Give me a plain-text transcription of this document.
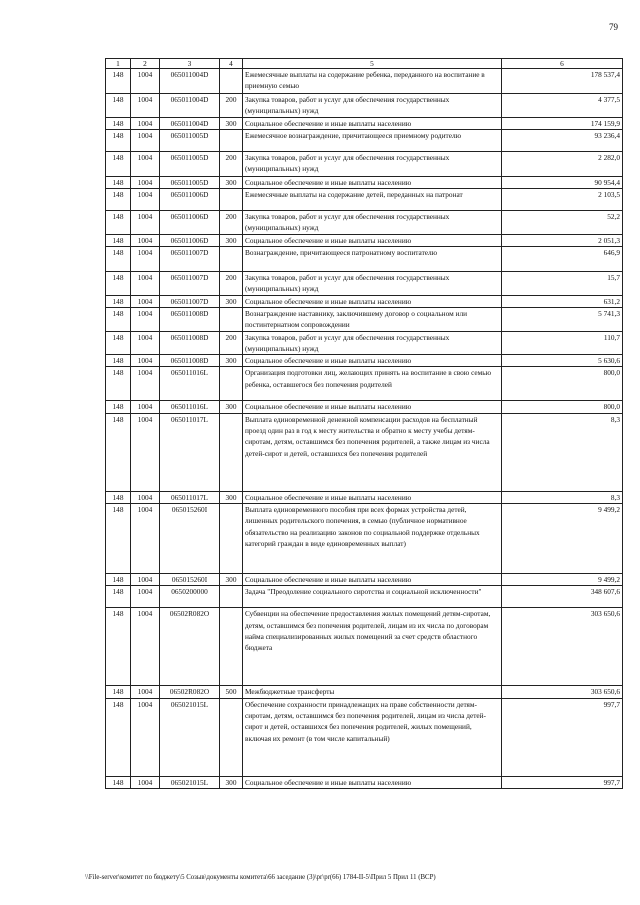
79
1	2	3	4	5	6
148	1004	065011004D		Ежемесячные выплаты на содержание ребенка, переданного на воспитание в приемную семью	178 537,4
148	1004	065011004D	200	Закупка товаров, работ и услуг для обеспечения государственных (муниципальных) нужд	4 377,5
148	1004	065011004D	300	Социальное обеспечение и иные выплаты населению	174 159,9
148	1004	065011005D		Ежемесячное вознаграждение, причитающееся приемному родителю	93 236,4
148	1004	065011005D	200	Закупка товаров, работ и услуг для обеспечения государственных (муниципальных) нужд	2 282,0
148	1004	065011005D	300	Социальное обеспечение и иные выплаты населению	90 954,4
148	1004	065011006D		Ежемесячные выплаты на содержание детей, переданных на патронат	2 103,5
148	1004	065011006D	200	Закупка товаров, работ и услуг для обеспечения государственных (муниципальных) нужд	52,2
148	1004	065011006D	300	Социальное обеспечение и иные выплаты населению	2 051,3
148	1004	065011007D		Вознаграждение, причитающееся патронатному воспитателю	646,9
148	1004	065011007D	200	Закупка товаров, работ и услуг для обеспечения государственных (муниципальных) нужд	15,7
148	1004	065011007D	300	Социальное обеспечение и иные выплаты населению	631,2
148	1004	065011008D		Вознаграждение наставнику, заключившему договор о социальном или постинтернатном сопровождении	5 741,3
148	1004	065011008D	200	Закупка товаров, работ и услуг для обеспечения государственных (муниципальных) нужд	110,7
148	1004	065011008D	300	Социальное обеспечение и иные выплаты населению	5 630,6
148	1004	065011016L		Организация подготовки лиц, желающих принять на воспитание в свою семью ребенка, оставшегося без попечения родителей	800,0
148	1004	065011016L	300	Социальное обеспечение и иные выплаты населению	800,0
148	1004	065011017L		Выплата единовременной денежной компенсации расходов на бесплатный проезд один раз в год к месту жительства и обратно к месту учебы детям-сиротам, детям, оставшимся без попечения родителей, а также лицам из числа детей-сирот и детей, оставшихся без попечения родителей	8,3
148	1004	065011017L	300	Социальное обеспечение и иные выплаты населению	8,3
148	1004	065015260I		Выплата единовременного пособия при всех формах устройства детей, лишенных родительского попечения, в семью (публичное нормативное обязательство на реализацию законов по социальной поддержке отдельных категорий граждан в виде единовременных выплат)	9 499,2
148	1004	065015260I	300	Социальное обеспечение и иные выплаты населению	9 499,2
148	1004	0650200000		Задача "Преодоление социального сиротства и социальной исключенности"	348 607,6
148	1004	06502R082O		Субвенции на обеспечение предоставления жилых помещений детям-сиротам, детям, оставшимся без попечения родителей, лицам из их числа по договорам найма специализированных жилых помещений за счет средств областного бюджета	303 650,6
148	1004	06502R082O	500	Межбюджетные трансферты	303 650,6
148	1004	065021015L		Обеспечение сохранности принадлежащих на праве собственности детям-сиротам, детям, оставшимся без попечения родителей, лицам из числа детей-сирот и детей, оставшихся без попечения родителей, жилых помещений, включая их ремонт (в том числе капитальный)	997,7
148	1004	065021015L	300	Социальное обеспечение и иные выплаты населению	997,7
\\File-server\комитет по бюджету\5 Созыв\документы комитета\66 заседание (3)\pr\pr(66) 1784-II-5\Прил 5 Прил 11 (ВСР)
